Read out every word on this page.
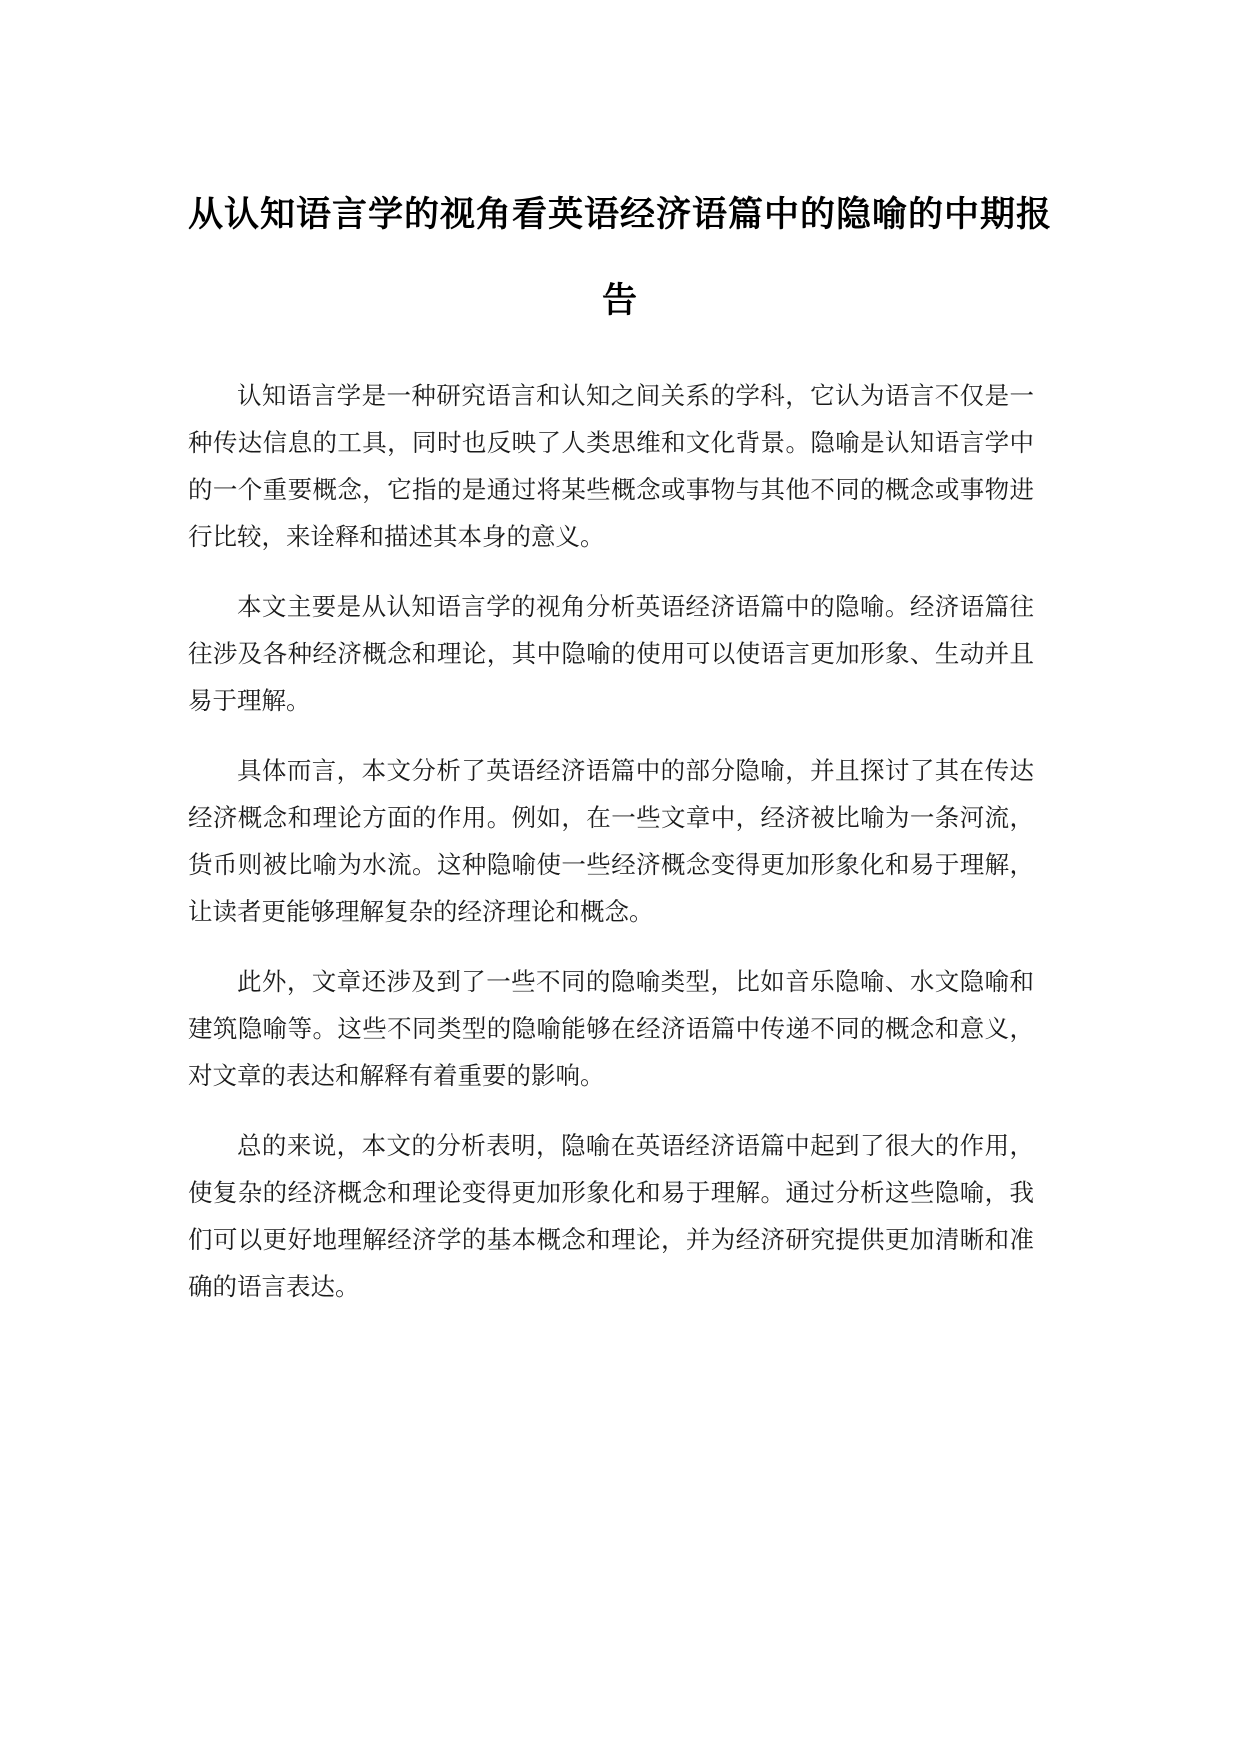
从认知语言学的视角看英语经济语篇中的隐喻的中期报告

认知语言学是一种研究语言和认知之间关系的学科，它认为语言不仅是一种传达信息的工具，同时也反映了人类思维和文化背景。隐喻是认知语言学中的一个重要概念，它指的是通过将某些概念或事物与其他不同的概念或事物进行比较，来诠释和描述其本身的意义。

本文主要是从认知语言学的视角分析英语经济语篇中的隐喻。经济语篇往往涉及各种经济概念和理论，其中隐喻的使用可以使语言更加形象、生动并且易于理解。

具体而言，本文分析了英语经济语篇中的部分隐喻，并且探讨了其在传达经济概念和理论方面的作用。例如，在一些文章中，经济被比喻为一条河流，货币则被比喻为水流。这种隐喻使一些经济概念变得更加形象化和易于理解，让读者更能够理解复杂的经济理论和概念。

此外，文章还涉及到了一些不同的隐喻类型，比如音乐隐喻、水文隐喻和建筑隐喻等。这些不同类型的隐喻能够在经济语篇中传递不同的概念和意义，对文章的表达和解释有着重要的影响。

总的来说，本文的分析表明，隐喻在英语经济语篇中起到了很大的作用，使复杂的经济概念和理论变得更加形象化和易于理解。通过分析这些隐喻，我们可以更好地理解经济学的基本概念和理论，并为经济研究提供更加清晰和准确的语言表达。
